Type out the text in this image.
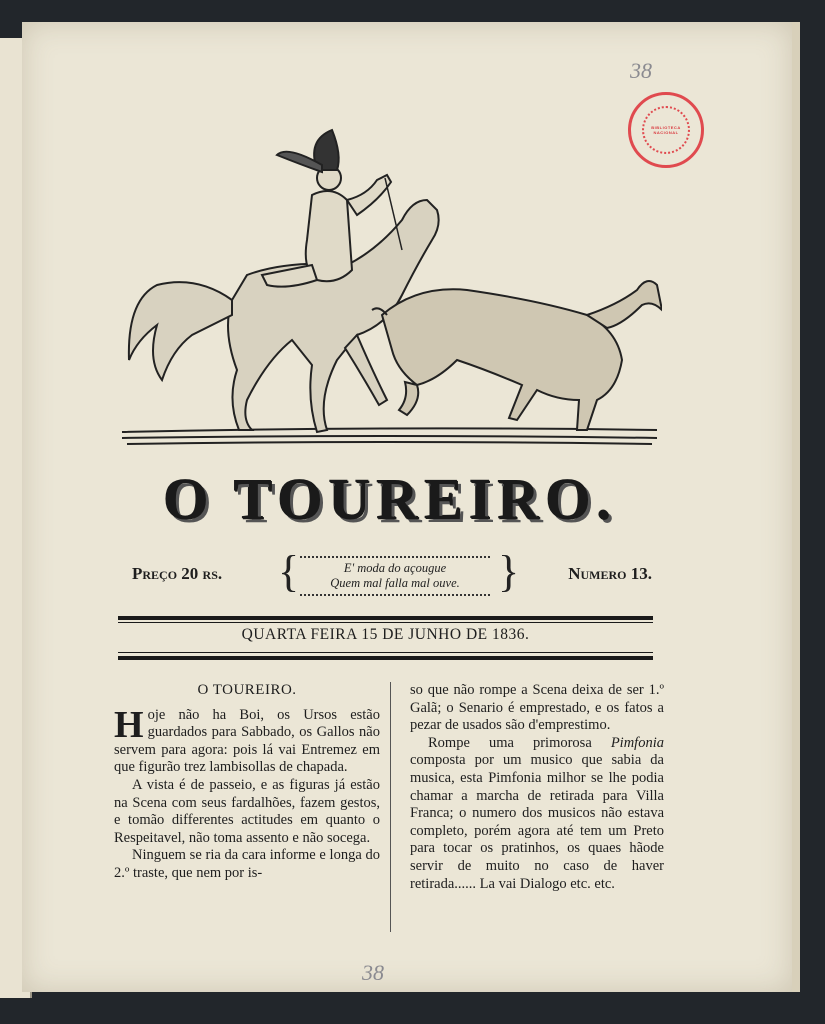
38
BIBLIOTECA NACIONAL
O TOUREIRO.
Preço 20 rs. {	E' moda do açougue
Quem mal falla mal ouve. }	Numero 13.
QUARTA FEIRA 15 DE JUNHO DE 1836.

O TOUREIRO.

Hoje não ha Boi, os Ursos estão guardados para Sabbado, os Gallos não servem para agora: pois lá vai Entremez em que figurão trez lambisollas de chapada.

A vista é de passeio, e as figuras já estão na Scena com seus fardalhões, fazem gestos, e tomão differentes actitudes em quanto o Respeitavel, não toma assento e não socega.

Ninguem se ria da cara informe e longa do 2.º traste, que nem por is-

so que não rompe a Scena deixa de ser 1.º Galã; o Senario é emprestado, e os fatos a pezar de usados são d'emprestimo.

Rompe uma primorosa Pimfonia composta por um musico que sabia da musica, esta Pimfonia milhor se lhe podia chamar a marcha de retirada para Villa Franca; o numero dos musicos não estava completo, porém agora até tem um Preto para tocar os pratinhos, os quaes hãode servir de muito no caso de haver retirada...... La vai Dialogo etc. etc.

38
